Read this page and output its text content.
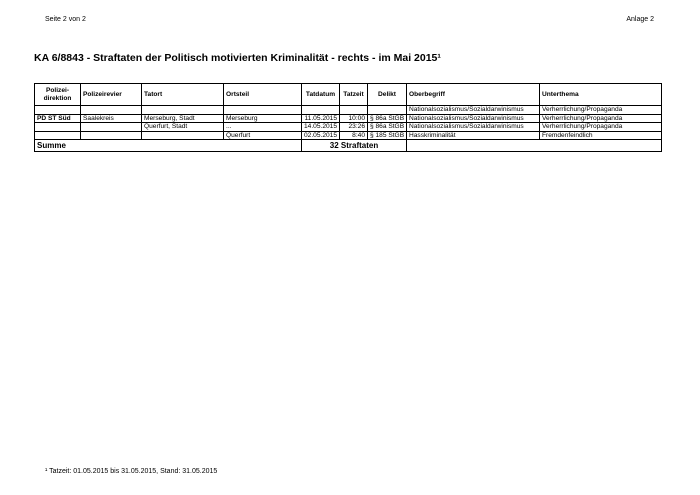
Seite 2 von 2	Anlage 2
KA 6/8843 - Straftaten der Politisch motivierten Kriminalität - rechts - im Mai 2015¹
Polizei-
direktion	Polizeirevier	Tatort	Ortsteil	Tatdatum	Tatzeit	Delikt	Oberbegriff	Unterthema
							Nationalsozialismus/Sozialdarwinismus	Verherrlichung/Propaganda
PD ST Süd	Saalekreis	Merseburg, Stadt	Merseburg	11.05.2015	10:00	§ 86a StGB	Nationalsozialismus/Sozialdarwinismus	Verherrlichung/Propaganda
		Querfurt, Stadt	...	14.05.2015	23:26	§ 86a StGB	Nationalsozialismus/Sozialdarwinismus	Verherrlichung/Propaganda
			Querfurt	02.05.2015	8:40	§ 185 StGB	Hasskriminalität	Fremdenfeindlich
Summe				32 Straftaten				
¹ Tatzeit: 01.05.2015 bis 31.05.2015, Stand: 31.05.2015
